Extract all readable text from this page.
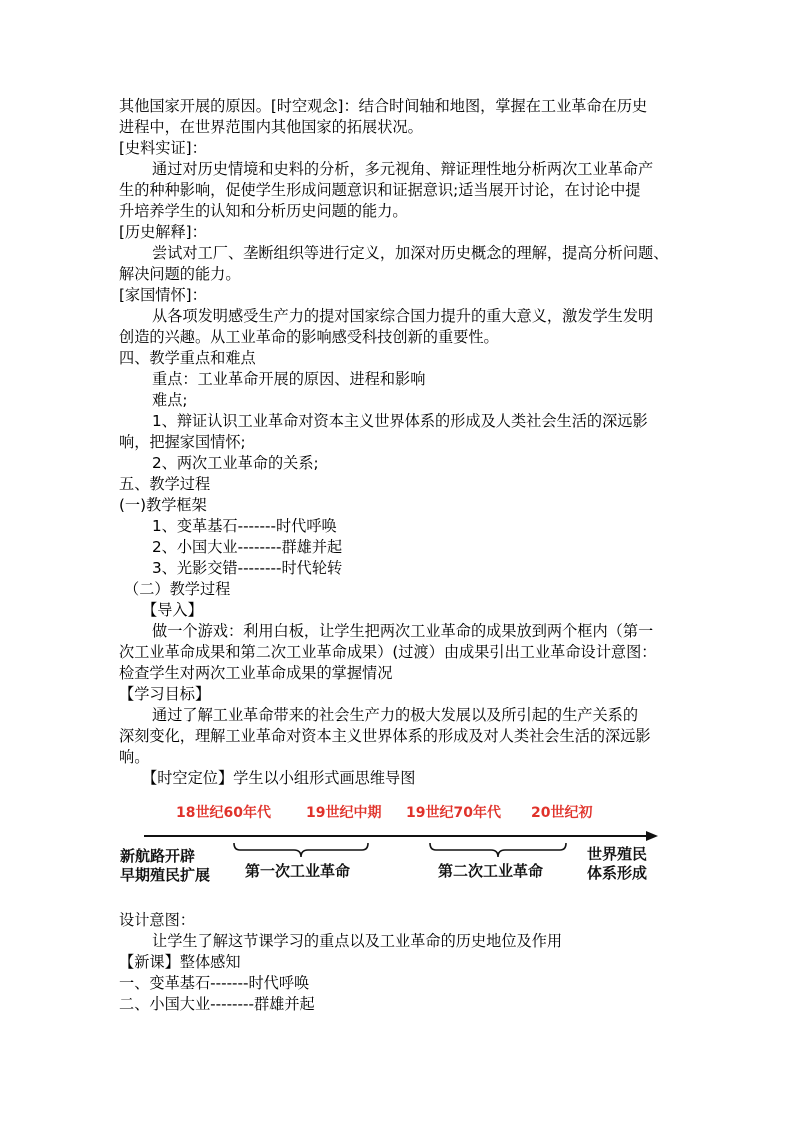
其他国家开展的原因。[时空观念]：结合时间轴和地图，掌握在工业革命在历史
进程中，在世界范围内其他国家的拓展状况。
[史料实证]：
通过对历史情境和史料的分析，多元视角、辩证理性地分析两次工业革命产
生的种种影响，促使学生形成问题意识和证据意识;适当展开讨论，在讨论中提
升培养学生的认知和分析历史问题的能力。
[历史解释]：
尝试对工厂、垄断组织等进行定义，加深对历史概念的理解，提高分析问题、
解决问题的能力。
[家国情怀]：
从各项发明感受生产力的提对国家综合国力提升的重大意义，激发学生发明
创造的兴趣。从工业革命的影响感受科技创新的重要性。
四、教学重点和难点
重点：工业革命开展的原因、进程和影响
难点;
1、辩证认识工业革命对资本主义世界体系的形成及人类社会生活的深远影
响，把握家国情怀;
2、两次工业革命的关系;
五、教学过程
(一)教学框架
1、变革基石-------时代呼唤
2、小国大业--------群雄并起
3、光影交错--------时代轮转
（二）教学过程
【导入】
做一个游戏：利用白板，让学生把两次工业革命的成果放到两个框内（第一
次工业革命成果和第二次工业革命成果）(过渡）由成果引出工业革命设计意图：
检查学生对两次工业革命成果的掌握情况
【学习目标】
通过了解工业革命带来的社会生产力的极大发展以及所引起的生产关系的
深刻变化，理解工业革命对资本主义世界体系的形成及对人类社会生活的深远影
响。
【时空定位】学生以小组形式画思维导图
18世纪60年代	19世纪中期 19世纪70年代 20世纪初
新航路开辟
早期殖民扩展 第一次工业革命	第二次工业革命
世界殖民
体系形成
设计意图：
让学生了解这节课学习的重点以及工业革命的历史地位及作用
【新课】整体感知
一、变革基石-------时代呼唤
二、小国大业--------群雄并起
